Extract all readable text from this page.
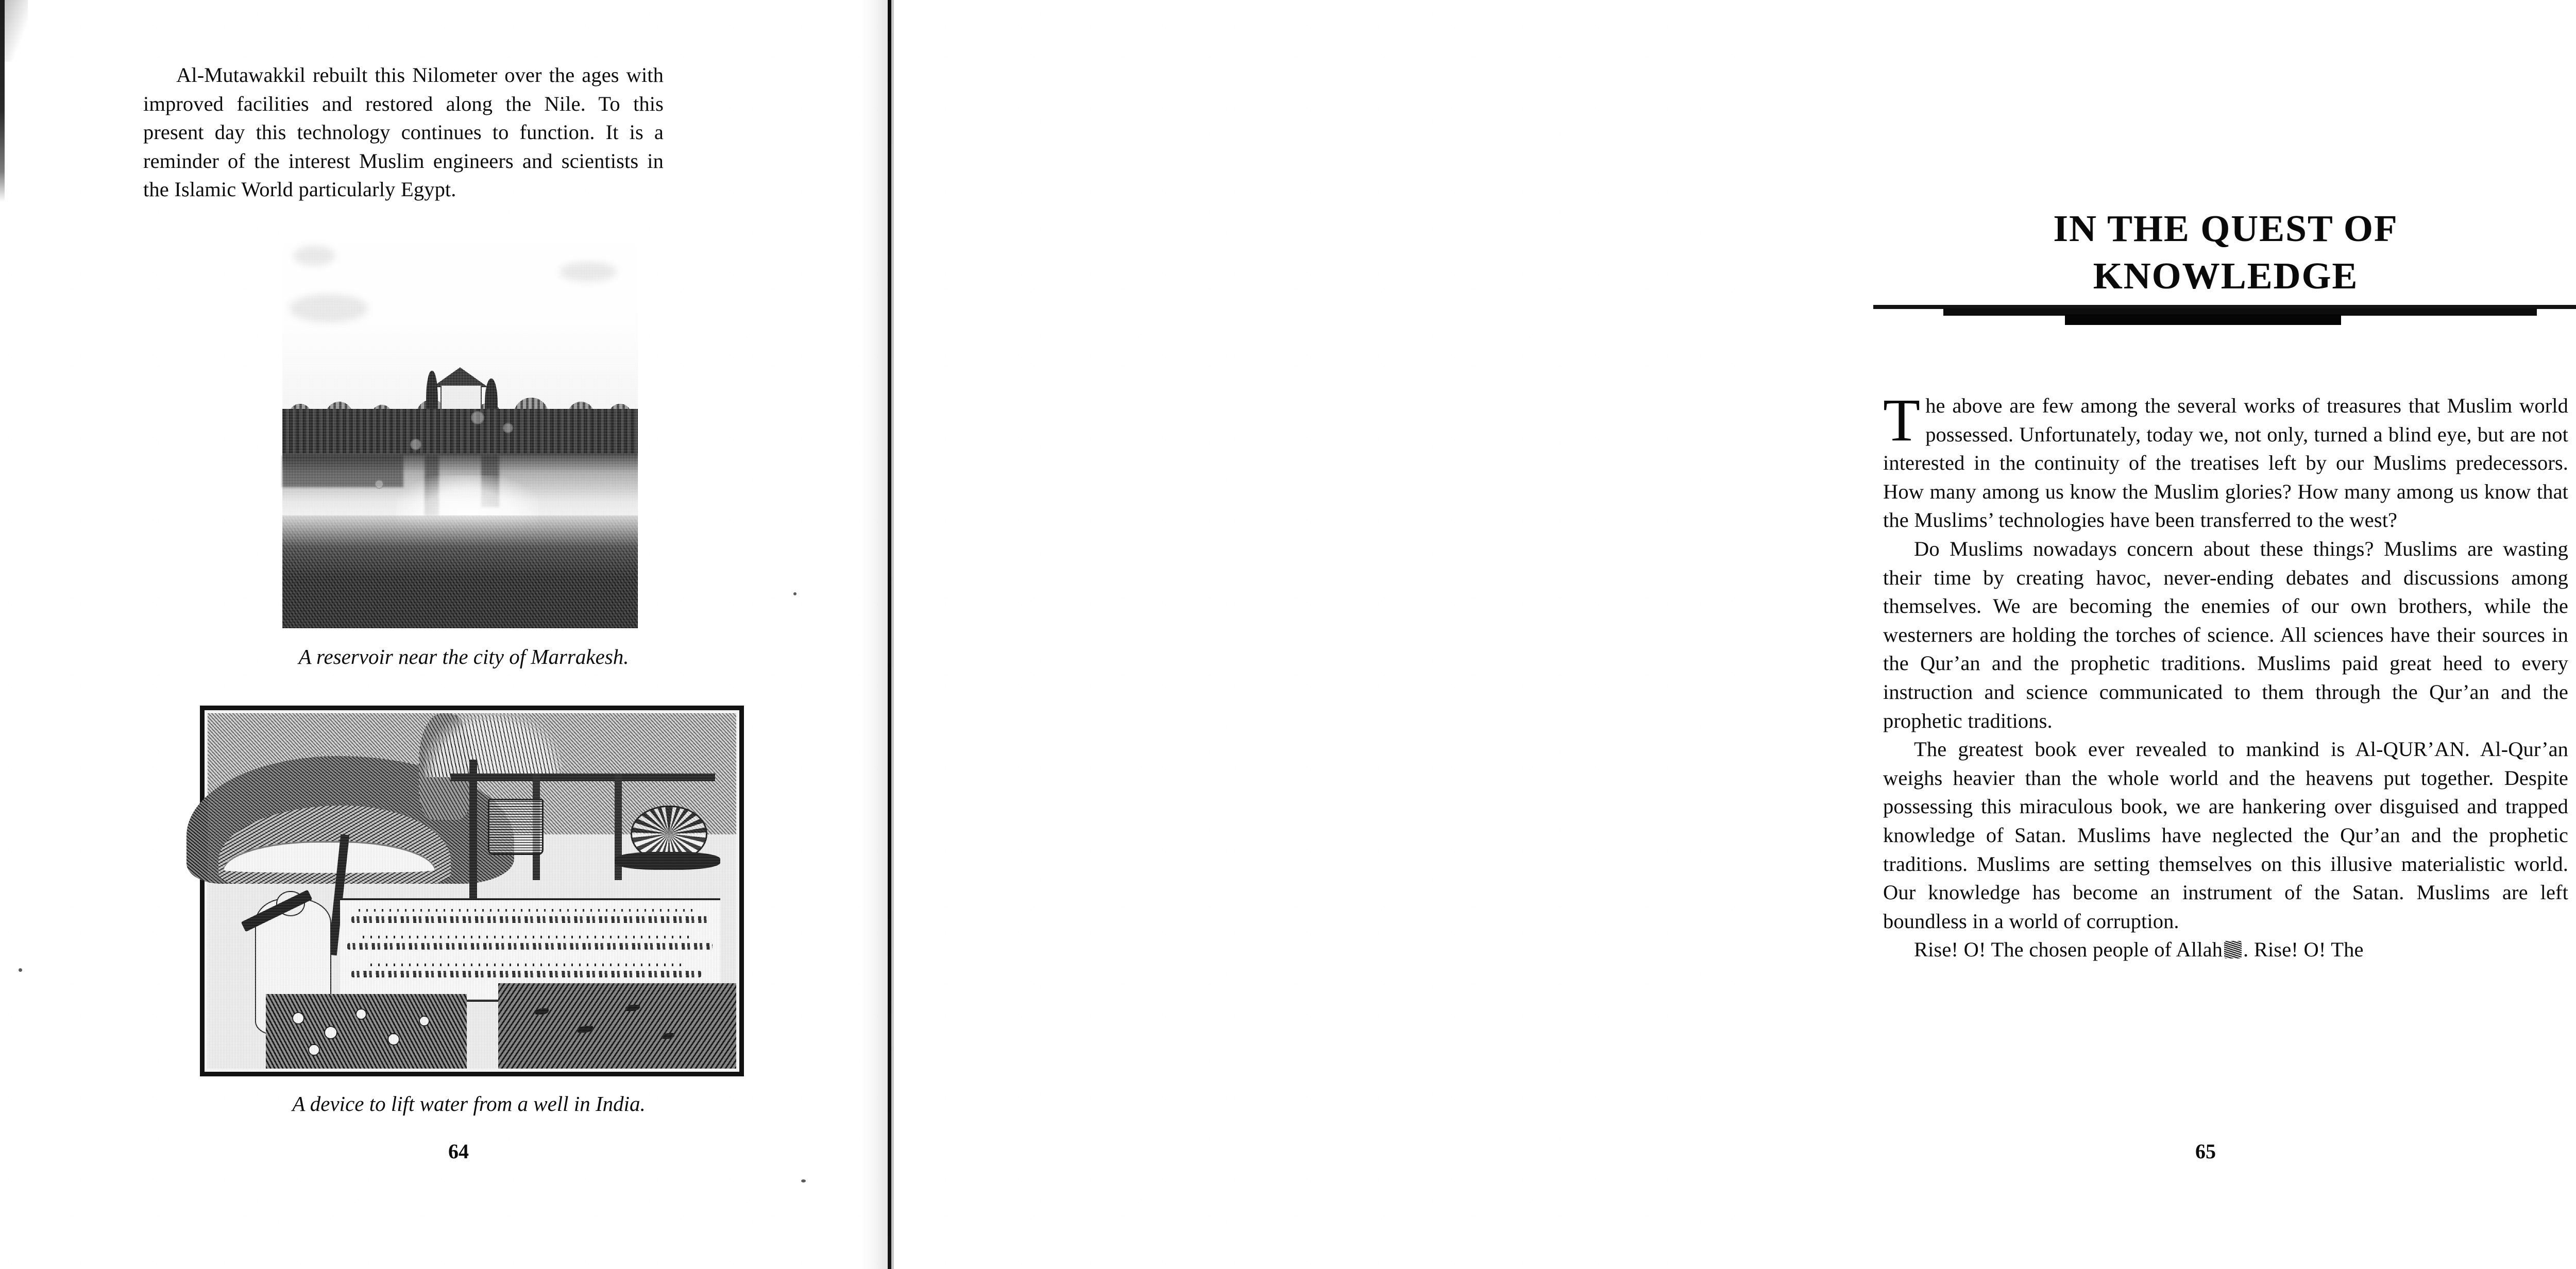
Al-Mutawakkil rebuilt this Nilometer over the ages with improved facilities and restored along the Nile. To this present day this technology continues to function. It is a reminder of the interest Muslim engineers and scientists in the Islamic World particularly Egypt.

A reservoir near the city of Marrakesh.
A device to lift water from a well in India.
64
IN THE QUEST OF
KNOWLEDGE

The above are few among the several works of treasures that Muslim world possessed. Unfortunately, today we, not only, turned a blind eye, but are not interested in the continuity of the treatises left by our Muslims predecessors. How many among us know the Muslim glories? How many among us know that the Muslims’ technologies have been transferred to the west?

Do Muslims nowadays concern about these things? Muslims are wasting their time by creating havoc, never-ending debates and discussions among themselves. We are becoming the enemies of our own brothers, while the westerners are holding the torches of science. All sciences have their sources in the Qur’an and the prophetic traditions. Muslims paid great heed to every instruction and science communicated to them through the Qur’an and the prophetic traditions.

The greatest book ever revealed to mankind is Al-QUR’AN. Al-Qur’an weighs heavier than the whole world and the heavens put together. Despite possessing this miraculous book, we are hankering over disguised and trapped knowledge of Satan. Muslims have neglected the Qur’an and the prophetic traditions. Muslims are setting themselves on this illusive materialistic world. Our knowledge has become an instrument of the Satan. Muslims are left boundless in a world of corruption.

Rise! O! The chosen people of Allah . Rise! O! The

65
